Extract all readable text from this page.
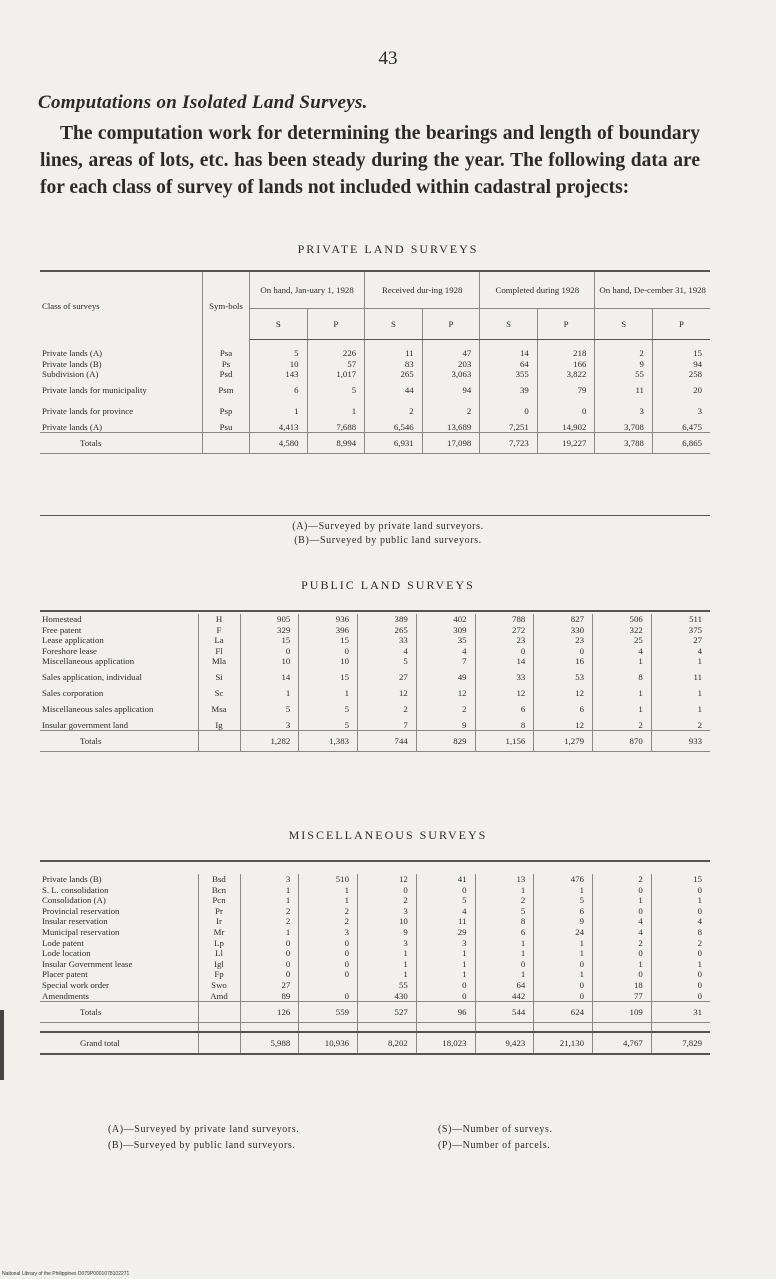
43
Computations on Isolated Land Surveys.
The computation work for determining the bearings and length of boundary lines, areas of lots, etc. has been steady during the year. The following data are for each class of survey of lands not included within cadastral projects:
PRIVATE LAND SURVEYS
Class of surveys	Sym-bols	On hand, Jan-uary 1, 1928		Received dur-ing 1928		Completed during 1928		On hand, De-cember 31, 1928	
		S	P	S	P	S	P	S	P

Private lands (A)	Psa	5	226	11	47	14	218	2	15
Private lands (B)	Ps	10	57	83	203	64	166	9	94
Subdivision (A)	Psd	143	1,017	265	3,063	355	3,822	55	258
Private lands for municipality	Psm	6	5	44	94	39	79	11	20
Private lands for province	Psp	1	1	2	2	0	0	3	3
Private lands (A)	Psu	4,413	7,688	6,546	13,689	7,251	14,902	3,708	6,475
Totals		4,580	8,994	6,931	17,098	7,723	19,227	3,788	6,865
(A)—Surveyed by private land surveyors.
(B)—Surveyed by public land surveyors.
PUBLIC LAND SURVEYS
Homestead	H	905	936	389	402	788	827	506	511
Free patent	F	329	396	265	309	272	330	322	375
Lease application	La	15	15	33	35	23	23	25	27
Foreshore lease	Fl	0	0	4	4	0	0	4	4
Miscellaneous application	Mla	10	10	5	7	14	16	1	1
Sales application, individual	Si	14	15	27	49	33	53	8	11
Sales corporation	Sc	1	1	12	12	12	12	1	1
Miscellaneous sales application	Msa	5	5	2	2	6	6	1	1
Insular government land	Ig	3	5	7	9	8	12	2	2
Totals		1,282	1,383	744	829	1,156	1,279	870	933
MISCELLANEOUS SURVEYS
Private lands (B)	Bsd	3	510	12	41	13	476	2	15
S. L. consolidation	Bcn	1	1	0	0	1	1	0	0
Consolidation (A)	Pcn	1	1	2	5	2	5	1	1
Provincial reservation	Pr	2	2	3	4	5	6	0	0
Insular reservation	Ir	2	2	10	11	8	9	4	4
Municipal reservation	Mr	1	3	9	29	6	24	4	8
Lode patent	Lp	0	0	3	3	1	1	2	2
Lode location	Ll	0	0	1	1	1	1	0	0
Insular Government lease	Igl	0	0	1	1	0	0	1	1
Placer patent	Fp	0	0	1	1	1	1	0	0
Special work order	Swo	27		55	0	64	0	18	0
Amendments	Amd	89	0	430	0	442	0	77	0
Totals		126	559	527	96	544	624	109	31

Grand total		5,988	10,936	8,202	18,023	9,423	21,130	4,767	7,829
(A)—Surveyed by private land surveyors.	(S)—Number of surveys.
(B)—Surveyed by public land surveyors.	(P)—Number of parcels.
National Library of the Philippines D079P0001078102271
